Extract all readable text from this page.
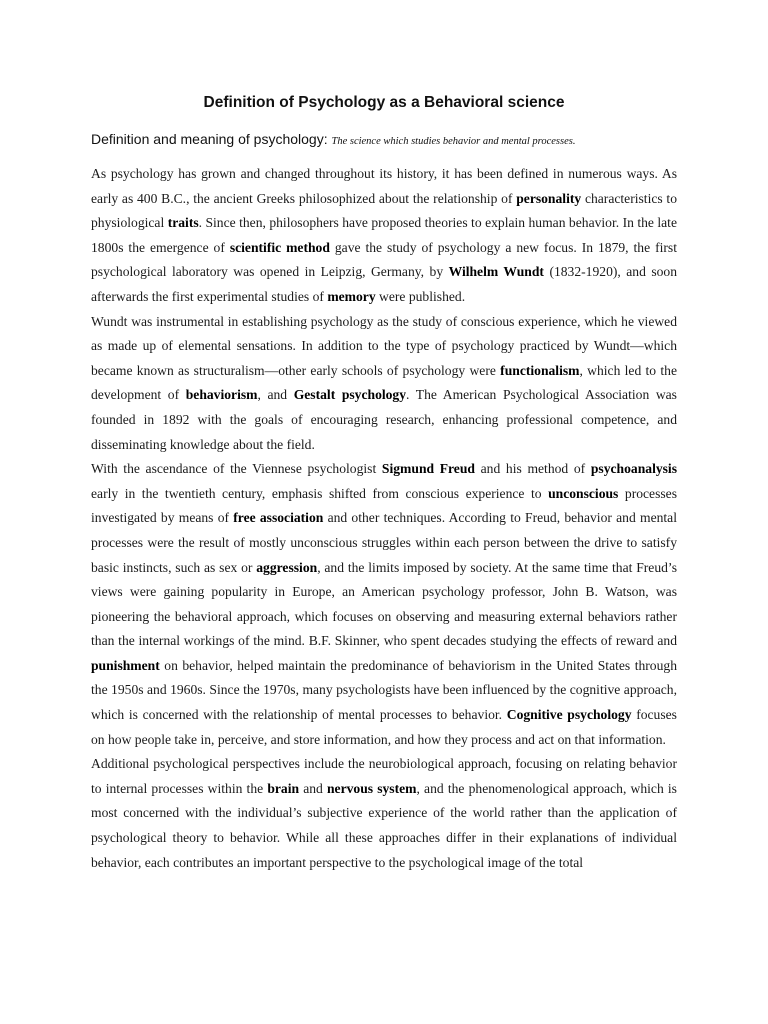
Definition of Psychology as a Behavioral science
Definition and meaning of psychology: The science which studies behavior and mental processes.

As psychology has grown and changed throughout its history, it has been defined in numerous ways. As early as 400 B.C., the ancient Greeks philosophized about the relationship of personality characteristics to physiological traits. Since then, philosophers have proposed theories to explain human behavior. In the late 1800s the emergence of scientific method gave the study of psychology a new focus. In 1879, the first psychological laboratory was opened in Leipzig, Germany, by Wilhelm Wundt (1832-1920), and soon afterwards the first experimental studies of memory were published.

Wundt was instrumental in establishing psychology as the study of conscious experience, which he viewed as made up of elemental sensations. In addition to the type of psychology practiced by Wundt—which became known as structuralism—other early schools of psychology were functionalism, which led to the development of behaviorism, and Gestalt psychology. The American Psychological Association was founded in 1892 with the goals of encouraging research, enhancing professional competence, and disseminating knowledge about the field.

With the ascendance of the Viennese psychologist Sigmund Freud and his method of psychoanalysis early in the twentieth century, emphasis shifted from conscious experience to unconscious processes investigated by means of free association and other techniques. According to Freud, behavior and mental processes were the result of mostly unconscious struggles within each person between the drive to satisfy basic instincts, such as sex or aggression, and the limits imposed by society. At the same time that Freud’s views were gaining popularity in Europe, an American psychology professor, John B. Watson, was pioneering the behavioral approach, which focuses on observing and measuring external behaviors rather than the internal workings of the mind. B.F. Skinner, who spent decades studying the effects of reward and punishment on behavior, helped maintain the predominance of behaviorism in the United States through the 1950s and 1960s. Since the 1970s, many psychologists have been influenced by the cognitive approach, which is concerned with the relationship of mental processes to behavior. Cognitive psychology focuses on how people take in, perceive, and store information, and how they process and act on that information.

Additional psychological perspectives include the neurobiological approach, focusing on relating behavior to internal processes within the brain and nervous system, and the phenomenological approach, which is most concerned with the individual’s subjective experience of the world rather than the application of psychological theory to behavior. While all these approaches differ in their explanations of individual behavior, each contributes an important perspective to the psychological image of the total
